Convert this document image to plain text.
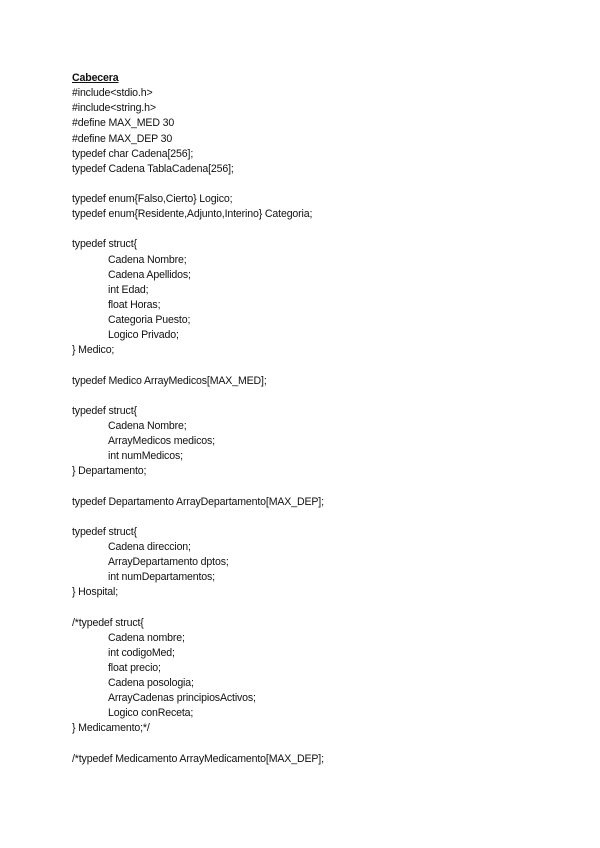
Cabecera
#include<stdio.h>
#include<string.h>
#define MAX_MED 30
#define MAX_DEP 30
typedef char Cadena[256];
typedef Cadena TablaCadena[256];
typedef enum{Falso,Cierto} Logico;
typedef enum{Residente,Adjunto,Interino} Categoria;
typedef struct{
Cadena Nombre;
Cadena Apellidos;
int Edad;
float Horas;
Categoria Puesto;
Logico Privado;
} Medico;
typedef Medico ArrayMedicos[MAX_MED];
typedef struct{
Cadena Nombre;
ArrayMedicos medicos;
int numMedicos;
} Departamento;
typedef Departamento ArrayDepartamento[MAX_DEP];
typedef struct{
Cadena direccion;
ArrayDepartamento dptos;
int numDepartamentos;
} Hospital;
/*typedef struct{
Cadena nombre;
int codigoMed;
float precio;
Cadena posologia;
ArrayCadenas principiosActivos;
Logico conReceta;
} Medicamento;*/
/*typedef Medicamento ArrayMedicamento[MAX_DEP];
